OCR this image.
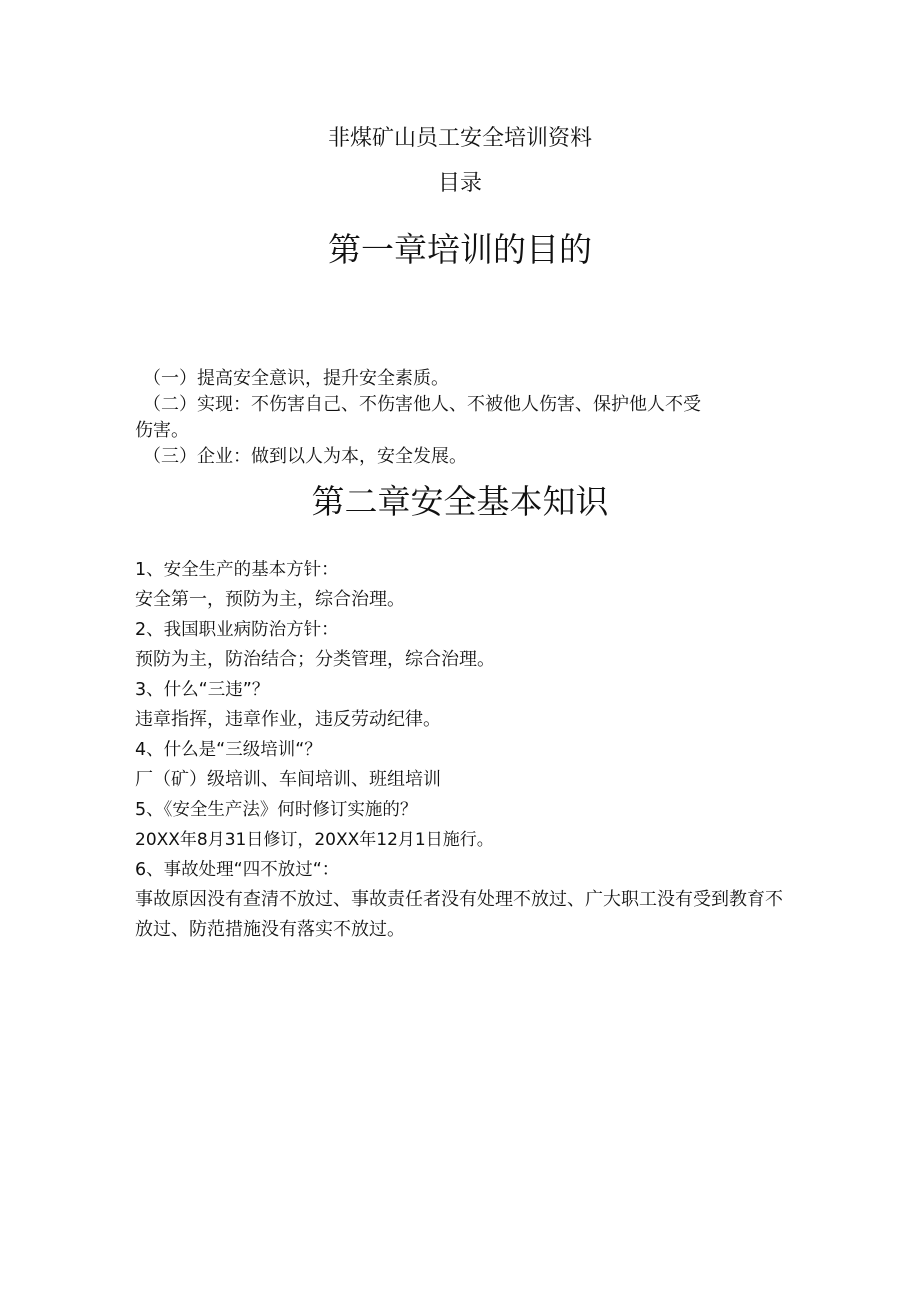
非煤矿山员工安全培训资料
目录
第一章培训的目的
（一）提高安全意识，提升安全素质。
（二）实现：不伤害自己、不伤害他人、不被他人伤害、保护他人不受
伤害。
（三）企业：做到以人为本，安全发展。
第二章安全基本知识
1、安全生产的基本方针：
安全第一，预防为主，综合治理。
2、我国职业病防治方针：
预防为主，防治结合；分类管理，综合治理。
3、什么“三违”？
违章指挥，违章作业，违反劳动纪律。
4、什么是“三级培训“？
厂（矿）级培训、车间培训、班组培训
5、《安全生产法》何时修订实施的？
20XX年8月31日修订，20XX年12月1日施行。
6、事故处理“四不放过“：
事故原因没有查清不放过、事故责任者没有处理不放过、广大职工没有受到教育不放过、防范措施没有落实不放过。
